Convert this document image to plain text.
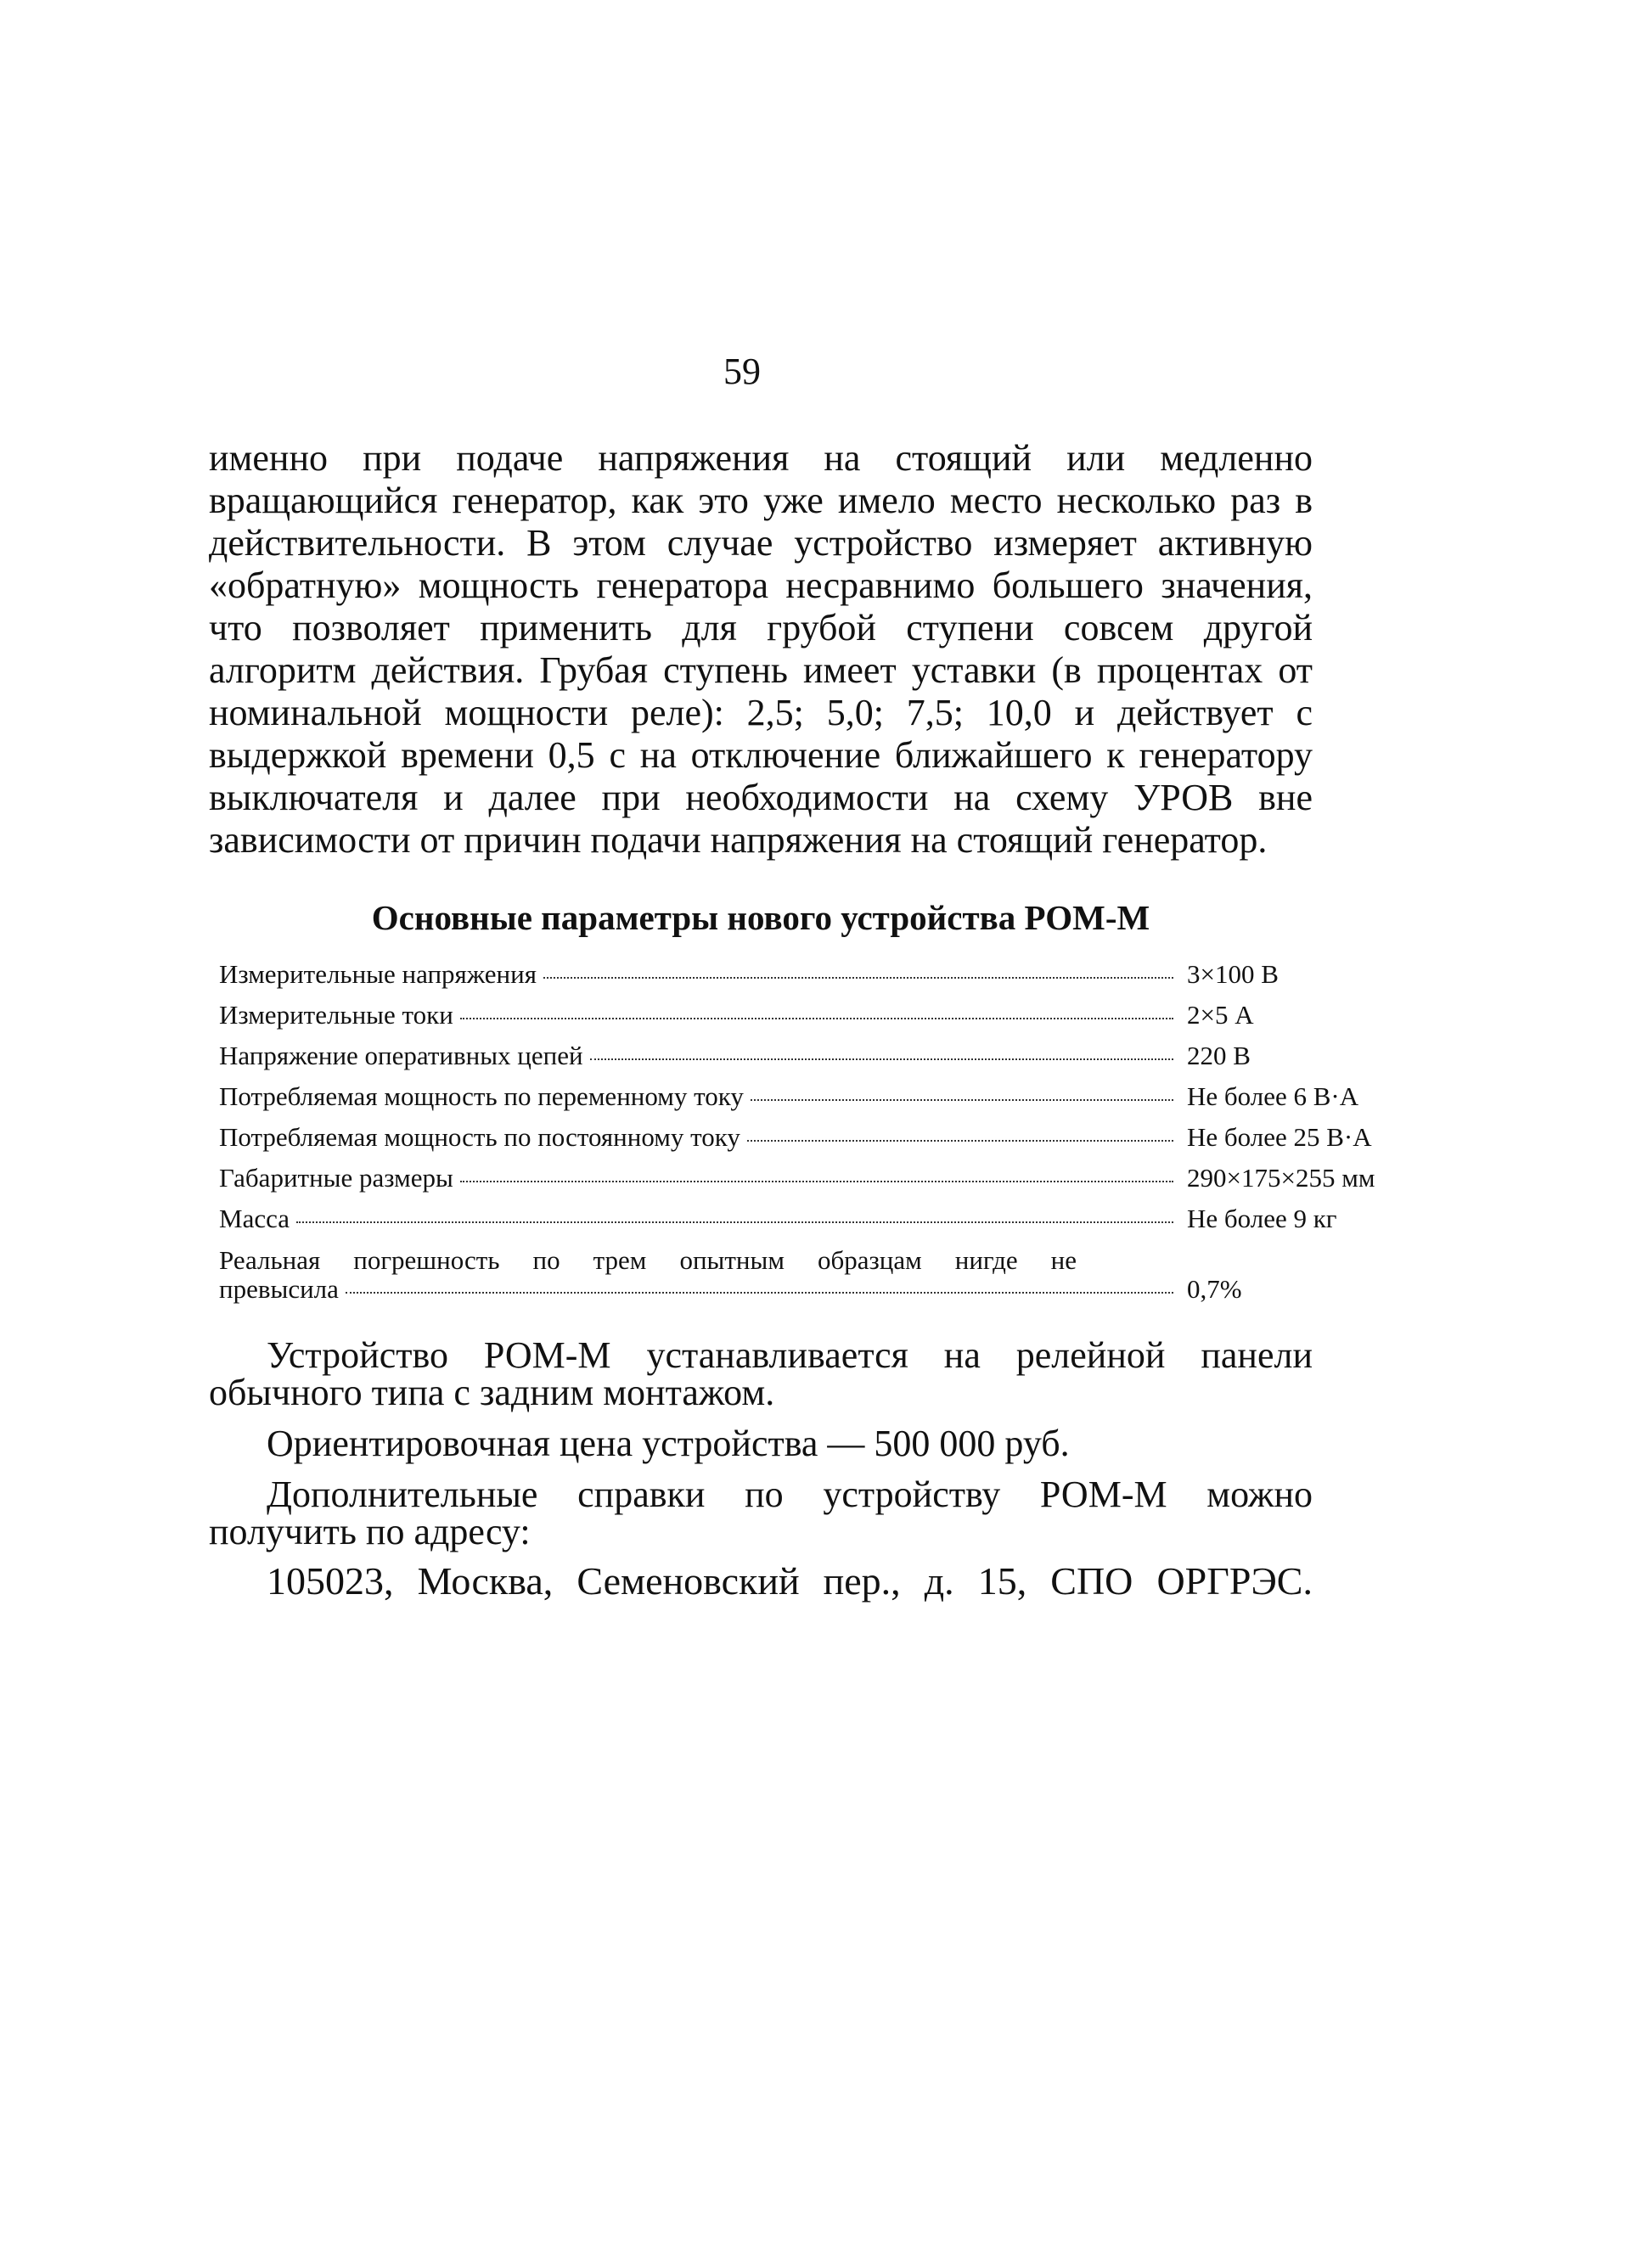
59

именно при подаче напряжения на стоящий или медленно вращающийся генератор, как это уже имело место несколько раз в действительности. В этом случае устройство измеряет активную «обратную» мощность генератора несравнимо большего значения, что позволяет применить для грубой ступени совсем другой алгоритм действия. Грубая ступень имеет уставки (в процентах от номинальной мощности реле): 2,5; 5,0; 7,5; 10,0 и действует с выдержкой времени 0,5 с на отключение ближайшего к генератору выключателя и далее при необходимости на схему УРОВ вне зависимости от причин подачи напряжения на стоящий генератор.

Основные параметры нового устройства РОМ-М
Измерительные напряжения	3×100 В
Измерительные токи	2×5 А
Напряжение оперативных цепей	220 В
Потребляемая мощность по переменному току	Не более 6 В·А
Потребляемая мощность по постоянному току	Не более 25 В·А
Габаритные размеры	290×175×255 мм
Масса	Не более 9 кг
Реальная погрешность по трем опытным образцам нигде не
превысила	0,7%

Устройство РОМ-М устанавливается на релейной панели обычного типа с задним монтажом.

Ориентировочная цена устройства — 500 000 руб.

Дополнительные справки по устройству РОМ-М можно получить по адресу:

105023, Москва, Семеновский пер., д. 15, СПО ОРГРЭС.
